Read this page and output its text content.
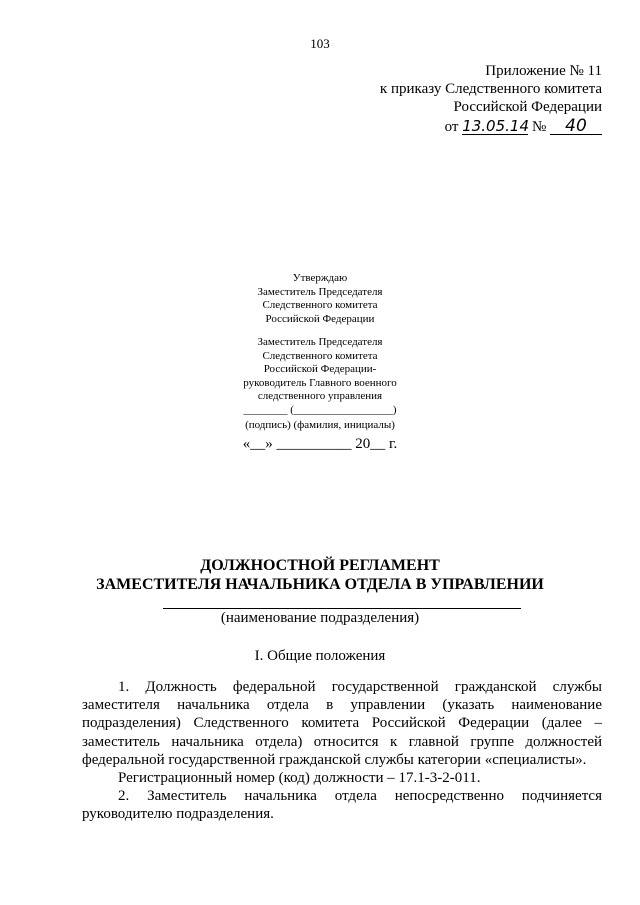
103
Приложение № 11
к приказу Следственного комитета
Российской Федерации
от 13.05.14 № 40
Утверждаю
Заместитель Председателя
Следственного комитета
Российской Федерации
Заместитель Председателя
Следственного комитета
Российской Федерации-
руководитель Главного военного
следственного управления
________ (__________________)
(подпись) (фамилия, инициалы)
«__» __________ 20__ г.
ДОЛЖНОСТНОЙ РЕГЛАМЕНТ
ЗАМЕСТИТЕЛЯ НАЧАЛЬНИКА ОТДЕЛА В УПРАВЛЕНИИ
(наименование подразделения)
I. Общие положения
1. Должность федеральной государственной гражданской службы
заместителя начальника отдела в управлении (указать наименование
подразделения) Следственного комитета Российской Федерации (далее –
заместитель начальника отдела) относится к главной группе должностей
федеральной государственной гражданской службы категории «специалисты».
Регистрационный номер (код) должности – 17.1-3-2-011.
2. Заместитель начальника отдела непосредственно подчиняется
руководителю подразделения.
